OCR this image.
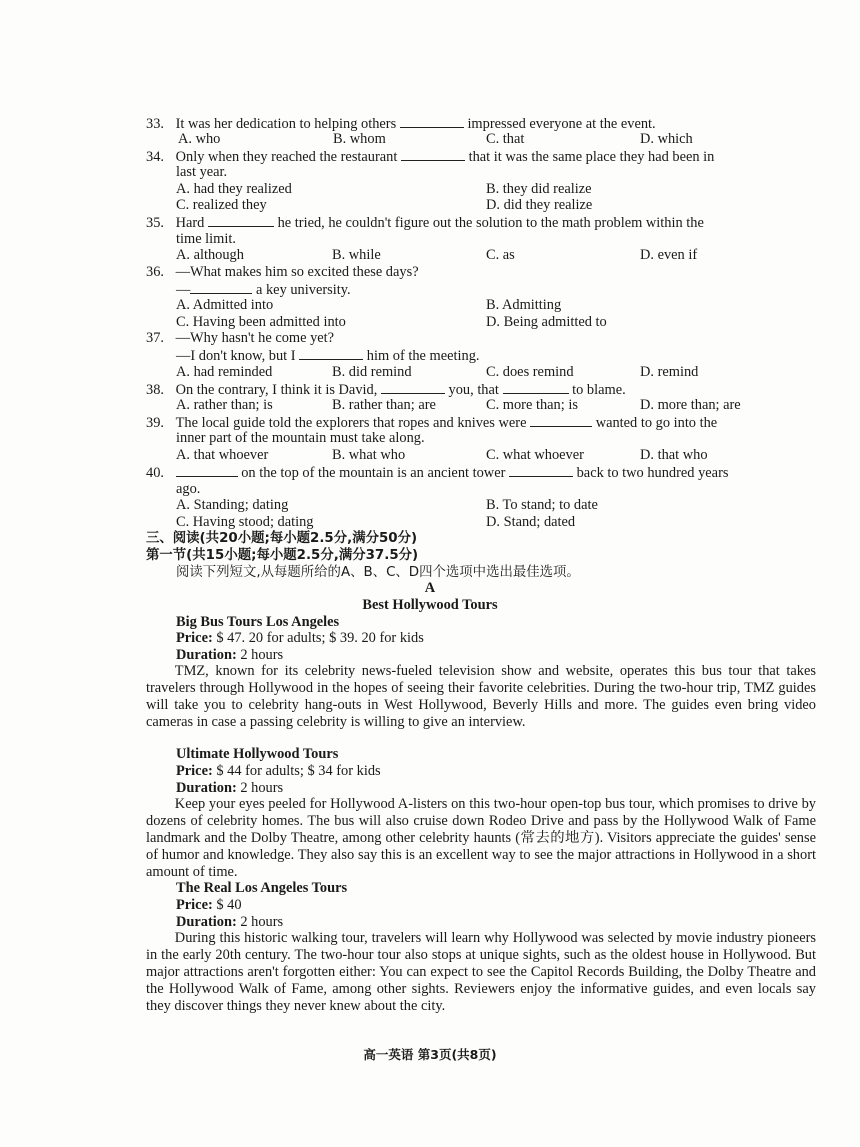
33. It was her dedication to helping others	impressed everyone at the event.
A. who	B. whom	C. that	D. which
34. Only when they reached the restaurant	that it was the same place they had been in
last year.
A. had they realized	B. they did realize
C. realized they	D. did they realize
35. Hard	he tried, he couldn't figure out the solution to the math problem within the
time limit.
A. although	B. while	C. as	D. even if
36. —What makes him so excited these days?
—	a key university.
A. Admitted into	B. Admitting
C. Having been admitted into	D. Being admitted to
37. —Why hasn't he come yet?
—I don't know, but I	him of the meeting.
A. had reminded	B. did remind	C. does remind	D. remind
38. On the contrary, I think it is David,	you, that	to blame.
A. rather than; is	B. rather than; are	C. more than; is	D. more than; are
39. The local guide told the explorers that ropes and knives were	wanted to go into the
inner part of the mountain must take along.
A. that whoever	B. what who	C. what whoever	D. that who
40.	on the top of the mountain is an ancient tower	back to two hundred years
ago.
A. Standing; dating	B. To stand; to date
C. Having stood; dating	D. Stand; dated
三、阅读(共20小题;每小题2.5分,满分50分)
第一节(共15小题;每小题2.5分,满分37.5分)
阅读下列短文,从每题所给的A、B、C、D四个选项中选出最佳选项。
A
Best Hollywood Tours
Big Bus Tours Los Angeles
Price: $ 47. 20 for adults; $ 39. 20 for kids
Duration: 2 hours
TMZ, known for its celebrity news-fueled television show and website, operates this bus tour that takes travelers through Hollywood in the hopes of seeing their favorite celebrities. During the two-hour trip, TMZ guides will take you to celebrity hang-outs in West Hollywood, Beverly Hills and more. The guides even bring video cameras in case a passing celebrity is willing to give an interview.
Ultimate Hollywood Tours
Price: $ 44 for adults; $ 34 for kids
Duration: 2 hours
Keep your eyes peeled for Hollywood A-listers on this two-hour open-top bus tour, which promises to drive by dozens of celebrity homes. The bus will also cruise down Rodeo Drive and pass by the Hollywood Walk of Fame landmark and the Dolby Theatre, among other celebrity haunts (常去的地方). Visitors appreciate the guides' sense of humor and knowledge. They also say this is an excellent way to see the major attractions in Hollywood in a short amount of time.
The Real Los Angeles Tours
Price: $ 40
Duration: 2 hours
During this historic walking tour, travelers will learn why Hollywood was selected by movie industry pioneers in the early 20th century. The two-hour tour also stops at unique sights, such as the oldest house in Hollywood. But major attractions aren't forgotten either: You can expect to see the Capitol Records Building, the Dolby Theatre and the Hollywood Walk of Fame, among other sights. Reviewers enjoy the informative guides, and even locals say they discover things they never knew about the city.
高一英语 第3页(共8页)
